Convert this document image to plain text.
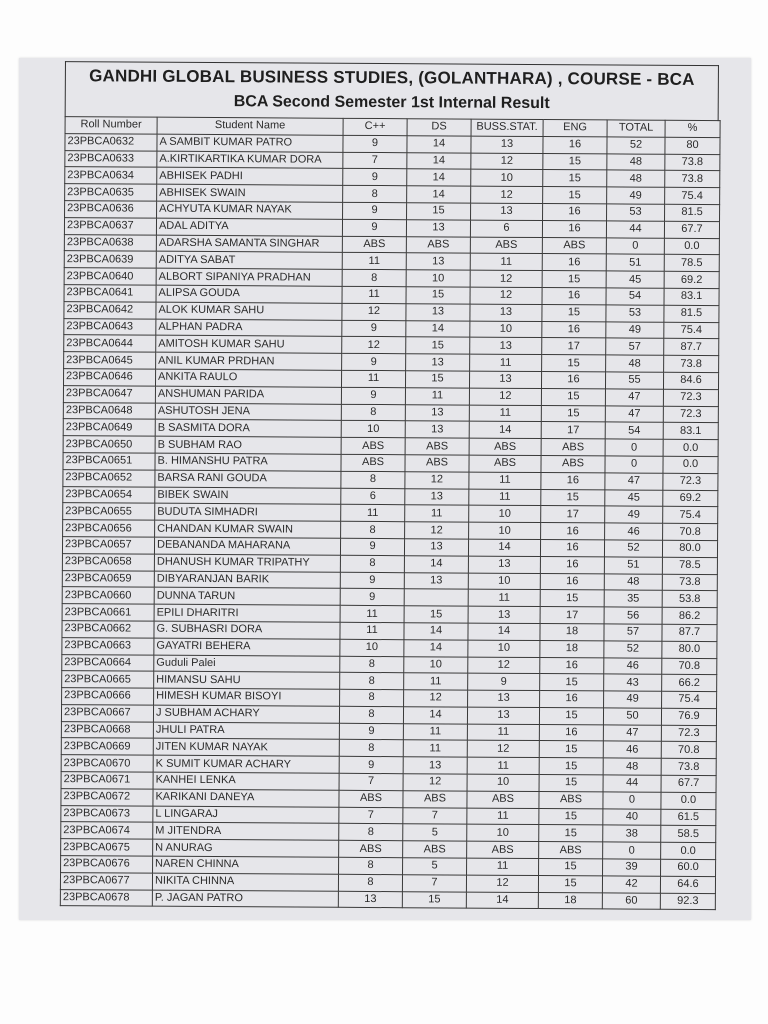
GANDHI GLOBAL BUSINESS STUDIES, (GOLANTHARA) , COURSE - BCA
BCA Second Semester 1st Internal Result
Roll Number	Student Name	C++	DS	BUSS.STAT.	ENG	TOTAL	%
23PBCA0632	A SAMBIT KUMAR PATRO	9	14	13	16	52	80
23PBCA0633	A.KIRTIKARTIKA KUMAR DORA	7	14	12	15	48	73.8
23PBCA0634	ABHISEK PADHI	9	14	10	15	48	73.8
23PBCA0635	ABHISEK SWAIN	8	14	12	15	49	75.4
23PBCA0636	ACHYUTA KUMAR NAYAK	9	15	13	16	53	81.5
23PBCA0637	ADAL ADITYA	9	13	6	16	44	67.7
23PBCA0638	ADARSHA SAMANTA SINGHAR	ABS	ABS	ABS	ABS	0	0.0
23PBCA0639	ADITYA SABAT	11	13	11	16	51	78.5
23PBCA0640	ALBORT SIPANIYA PRADHAN	8	10	12	15	45	69.2
23PBCA0641	ALIPSA GOUDA	11	15	12	16	54	83.1
23PBCA0642	ALOK KUMAR SAHU	12	13	13	15	53	81.5
23PBCA0643	ALPHAN PADRA	9	14	10	16	49	75.4
23PBCA0644	AMITOSH KUMAR SAHU	12	15	13	17	57	87.7
23PBCA0645	ANIL KUMAR PRDHAN	9	13	11	15	48	73.8
23PBCA0646	ANKITA RAULO	11	15	13	16	55	84.6
23PBCA0647	ANSHUMAN PARIDA	9	11	12	15	47	72.3
23PBCA0648	ASHUTOSH JENA	8	13	11	15	47	72.3
23PBCA0649	B SASMITA DORA	10	13	14	17	54	83.1
23PBCA0650	B SUBHAM RAO	ABS	ABS	ABS	ABS	0	0.0
23PBCA0651	B. HIMANSHU PATRA	ABS	ABS	ABS	ABS	0	0.0
23PBCA0652	BARSA RANI GOUDA	8	12	11	16	47	72.3
23PBCA0654	BIBEK SWAIN	6	13	11	15	45	69.2
23PBCA0655	BUDUTA SIMHADRI	11	11	10	17	49	75.4
23PBCA0656	CHANDAN KUMAR SWAIN	8	12	10	16	46	70.8
23PBCA0657	DEBANANDA MAHARANA	9	13	14	16	52	80.0
23PBCA0658	DHANUSH KUMAR TRIPATHY	8	14	13	16	51	78.5
23PBCA0659	DIBYARANJAN BARIK	9	13	10	16	48	73.8
23PBCA0660	DUNNA TARUN	9		11	15	35	53.8
23PBCA0661	EPILI DHARITRI	11	15	13	17	56	86.2
23PBCA0662	G. SUBHASRI DORA	11	14	14	18	57	87.7
23PBCA0663	GAYATRI BEHERA	10	14	10	18	52	80.0
23PBCA0664	Guduli Palei	8	10	12	16	46	70.8
23PBCA0665	HIMANSU SAHU	8	11	9	15	43	66.2
23PBCA0666	HIMESH KUMAR BISOYI	8	12	13	16	49	75.4
23PBCA0667	J SUBHAM ACHARY	8	14	13	15	50	76.9
23PBCA0668	JHULI PATRA	9	11	11	16	47	72.3
23PBCA0669	JITEN KUMAR NAYAK	8	11	12	15	46	70.8
23PBCA0670	K SUMIT KUMAR ACHARY	9	13	11	15	48	73.8
23PBCA0671	KANHEI LENKA	7	12	10	15	44	67.7
23PBCA0672	KARIKANI DANEYA	ABS	ABS	ABS	ABS	0	0.0
23PBCA0673	L LINGARAJ	7	7	11	15	40	61.5
23PBCA0674	M JITENDRA	8	5	10	15	38	58.5
23PBCA0675	N ANURAG	ABS	ABS	ABS	ABS	0	0.0
23PBCA0676	NAREN CHINNA	8	5	11	15	39	60.0
23PBCA0677	NIKITA CHINNA	8	7	12	15	42	64.6
23PBCA0678	P. JAGAN PATRO	13	15	14	18	60	92.3
